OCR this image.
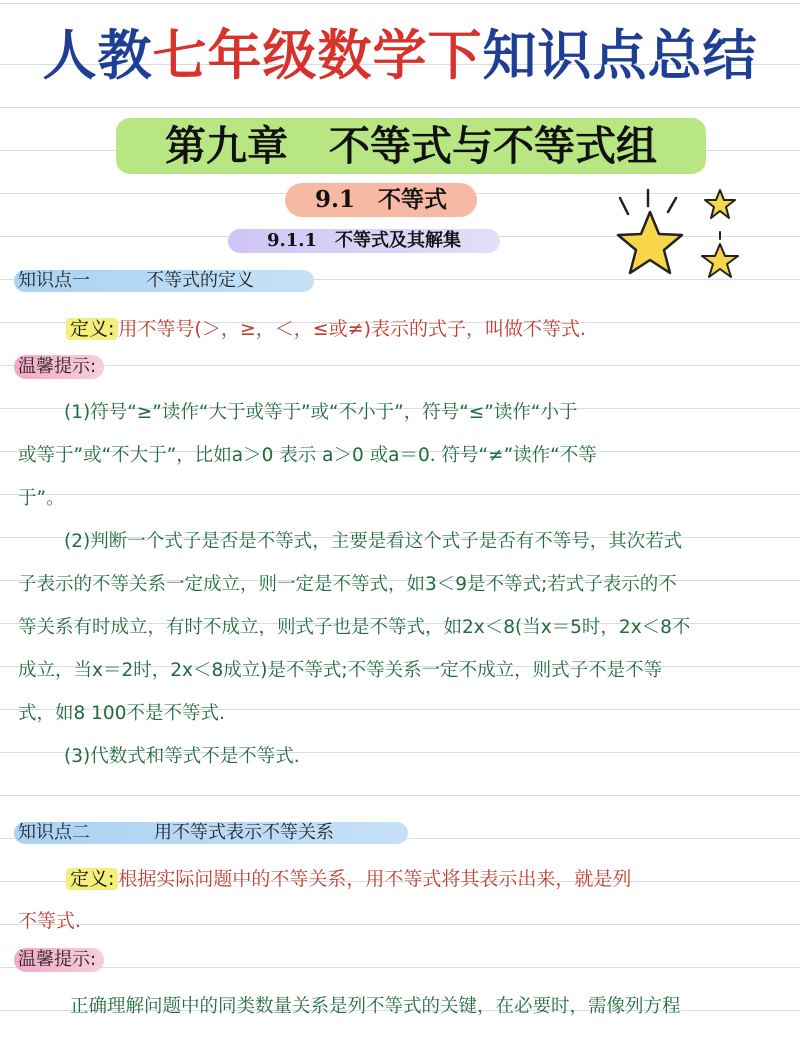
人教七年级数学下知识点总结
第九章　不等式与不等式组
9.1　不等式
9.1.1　不等式及其解集
知识点一	不等式的定义
定义: 用不等号(＞，≥，＜，≤或≠)表示的式子，叫做不等式.
温馨提示:
(1)符号“≥”读作“大于或等于”或“不小于”，符号“≤”读作“小于
或等于”或“不大于”，比如a＞0 表示 a＞0 或a＝0. 符号“≠”读作“不等
于”。
(2)判断一个式子是否是不等式，主要是看这个式子是否有不等号，其次若式
子表示的不等关系一定成立，则一定是不等式，如3＜9是不等式;若式子表示的不
等关系有时成立，有时不成立，则式子也是不等式，如2x＜8(当x＝5时，2x＜8不
成立，当x＝2时，2x＜8成立)是不等式;不等关系一定不成立，则式子不是不等
式，如8 100不是不等式.
(3)代数式和等式不是不等式.
知识点二	用不等式表示不等关系
定义: 根据实际问题中的不等关系，用不等式将其表示出来，就是列
不等式.
温馨提示:
正确理解问题中的同类数量关系是列不等式的关键，在必要时，需像列方程
